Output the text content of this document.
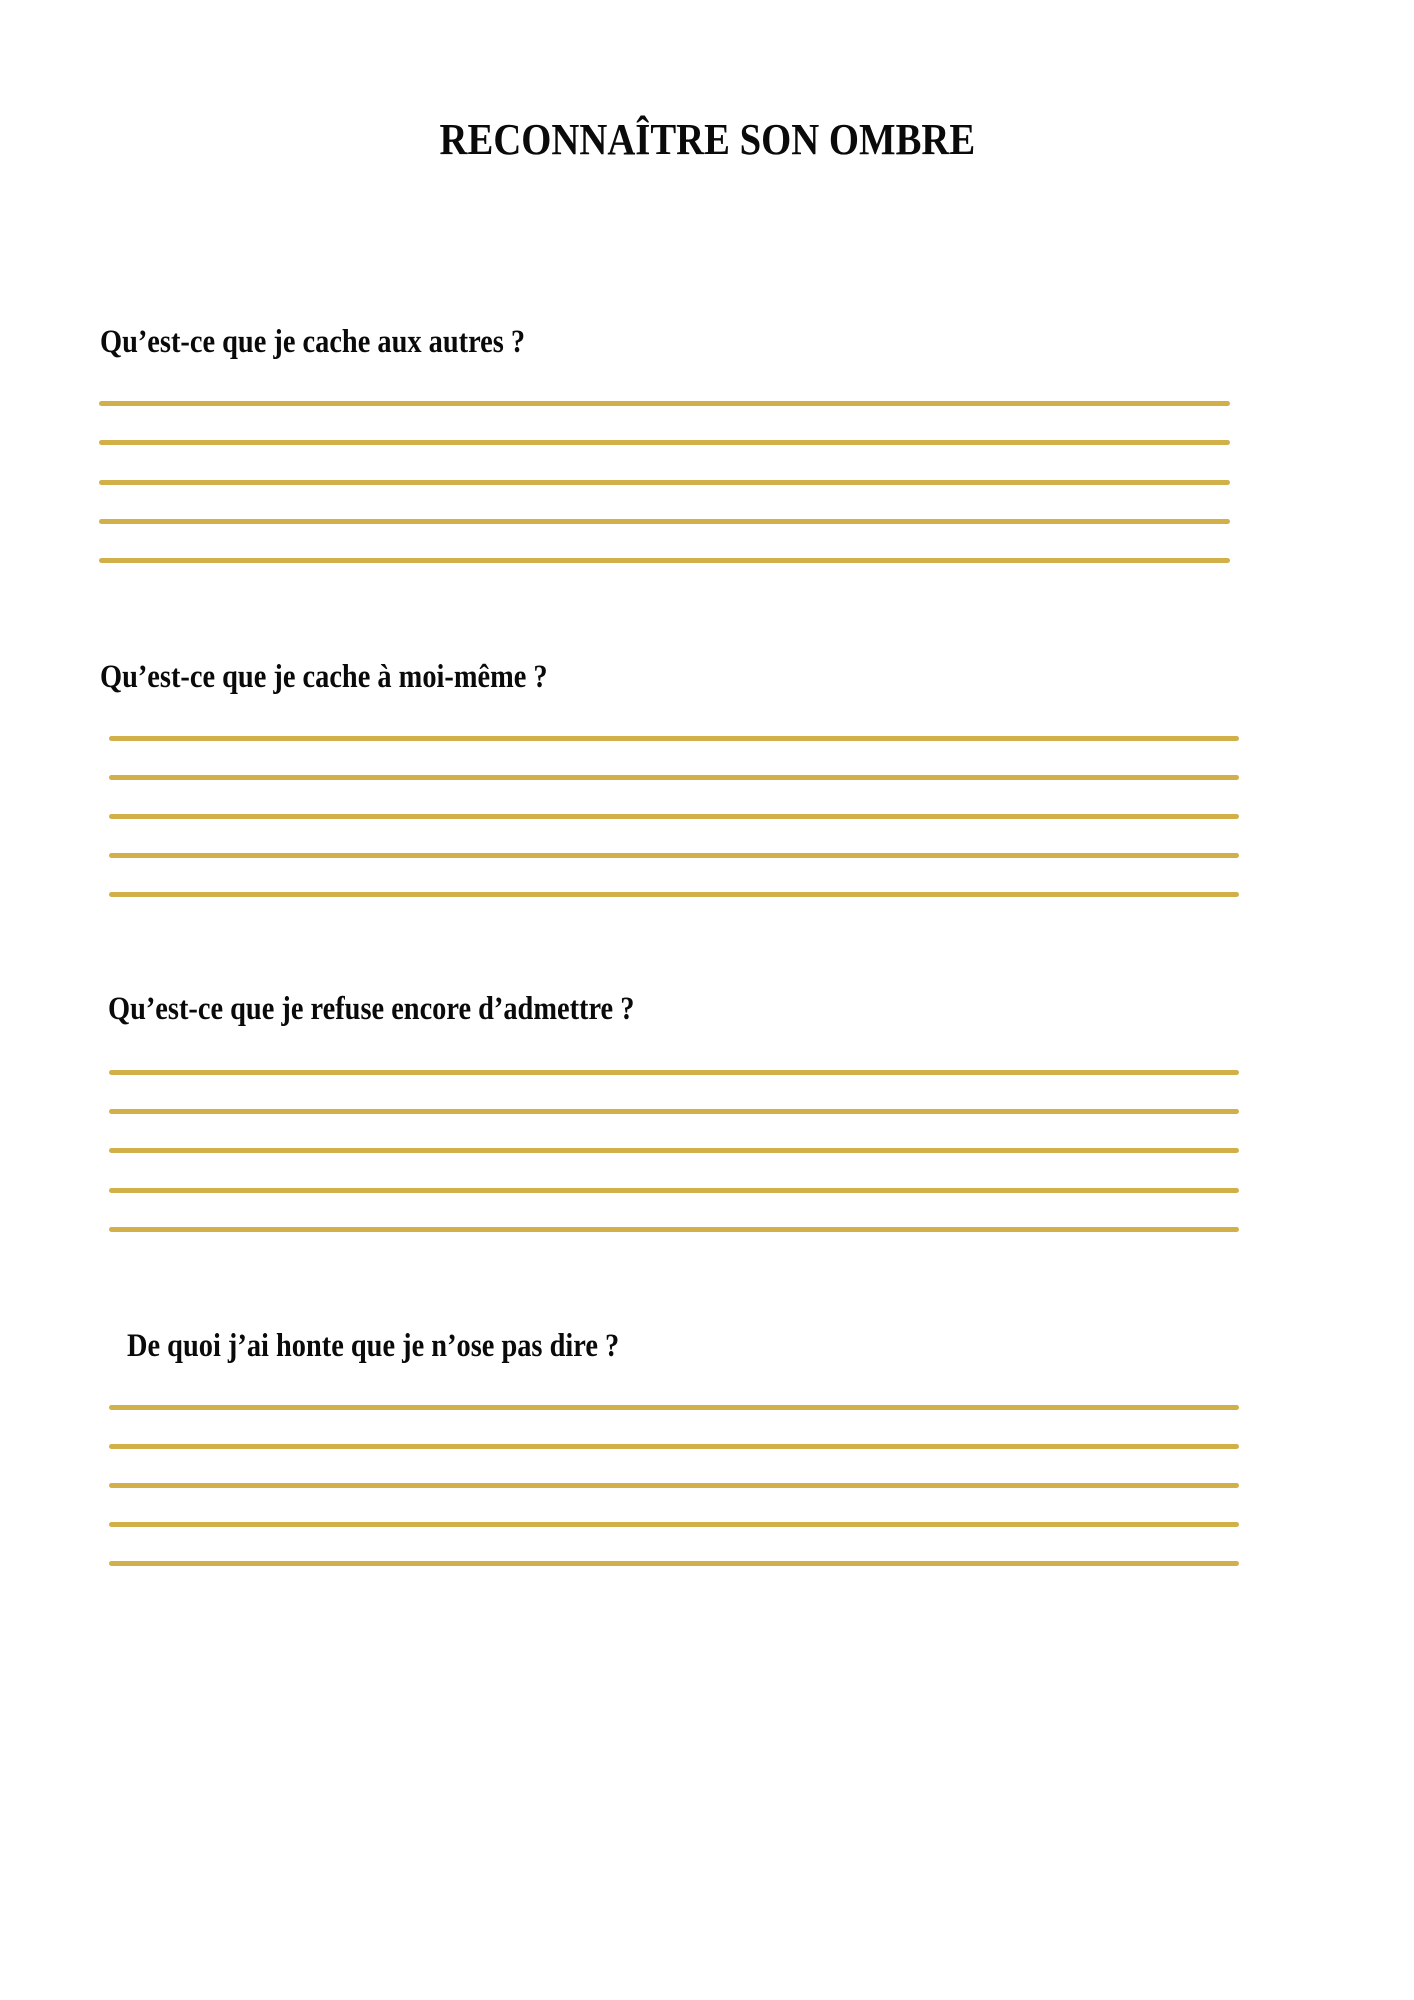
RECONNAÎTRE SON OMBRE
Qu’est-ce que je cache aux autres ?
Qu’est-ce que je cache à moi-même ?
Qu’est-ce que je refuse encore d’admettre ?
De quoi j’ai honte que je n’ose pas dire ?
